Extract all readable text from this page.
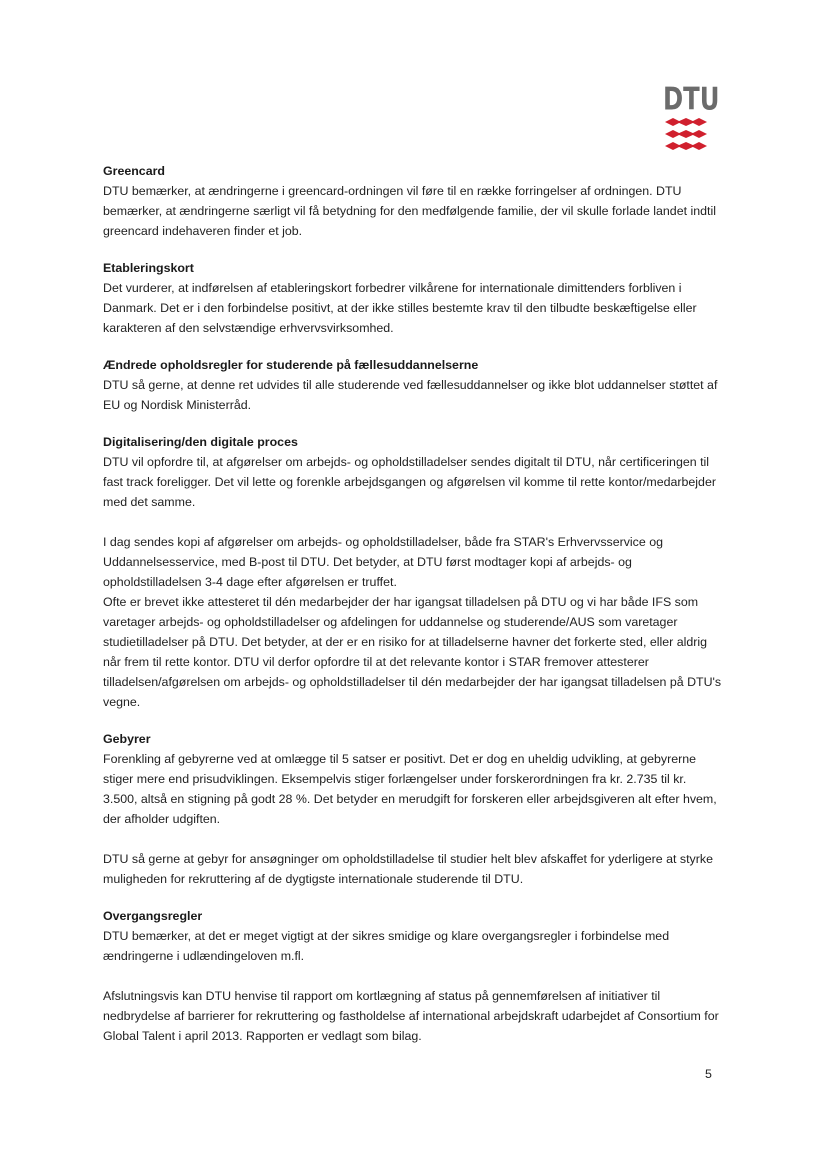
DTU
Greencard

DTU bemærker, at ændringerne i greencard-ordningen vil føre til en række forringelser af ordningen. DTU bemærker, at ændringerne særligt vil få betydning for den medfølgende familie, der vil skulle forlade landet indtil greencard indehaveren finder et job.

Etableringskort

Det vurderer, at indførelsen af etableringskort forbedrer vilkårene for internationale dimittenders forbliven i Danmark. Det er i den forbindelse positivt, at der ikke stilles bestemte krav til den tilbudte beskæftigelse eller karakteren af den selvstændige erhvervsvirksomhed.

Ændrede opholdsregler for studerende på fællesuddannelserne

DTU så gerne, at denne ret udvides til alle studerende ved fællesuddannelser og ikke blot uddannelser støttet af EU og Nordisk Ministerråd.

Digitalisering/den digitale proces

DTU vil opfordre til, at afgørelser om arbejds- og opholdstilladelser sendes digitalt til DTU, når certificeringen til fast track foreligger. Det vil lette og forenkle arbejdsgangen og afgørelsen vil komme til rette kontor/medarbejder med det samme.

I dag sendes kopi af afgørelser om arbejds- og opholdstilladelser, både fra STAR's Erhvervsservice og Uddannelsesservice, med B-post til DTU. Det betyder, at DTU først modtager kopi af arbejds- og opholdstilladelsen 3-4 dage efter afgørelsen er truffet.
Ofte er brevet ikke attesteret til dén medarbejder der har igangsat tilladelsen på DTU og vi har både IFS som varetager arbejds- og opholdstilladelser og afdelingen for uddannelse og studerende/AUS som varetager studietilladelser på DTU. Det betyder, at der er en risiko for at tilladelserne havner det forkerte sted, eller aldrig når frem til rette kontor. DTU vil derfor opfordre til at det relevante kontor i STAR fremover attesterer tilladelsen/afgørelsen om arbejds- og opholdstilladelser til dén medarbejder der har igangsat tilladelsen på DTU's vegne.

Gebyrer

Forenkling af gebyrerne ved at omlægge til 5 satser er positivt. Det er dog en uheldig udvikling, at gebyrerne stiger mere end prisudviklingen. Eksempelvis stiger forlængelser under forskerordningen fra kr. 2.735 til kr. 3.500, altså en stigning på godt 28 %. Det betyder en merudgift for forskeren eller arbejdsgiveren alt efter hvem, der afholder udgiften.

DTU så gerne at gebyr for ansøgninger om opholdstilladelse til studier helt blev afskaffet for yderligere at styrke muligheden for rekruttering af de dygtigste internationale studerende til DTU.

Overgangsregler

DTU bemærker, at det er meget vigtigt at der sikres smidige og klare overgangsregler i forbindelse med ændringerne i udlændingeloven m.fl.

Afslutningsvis kan DTU henvise til rapport om kortlægning af status på gennemførelsen af initiativer til nedbrydelse af barrierer for rekruttering og fastholdelse af international arbejdskraft udarbejdet af Consortium for Global Talent i april 2013. Rapporten er vedlagt som bilag.

5
